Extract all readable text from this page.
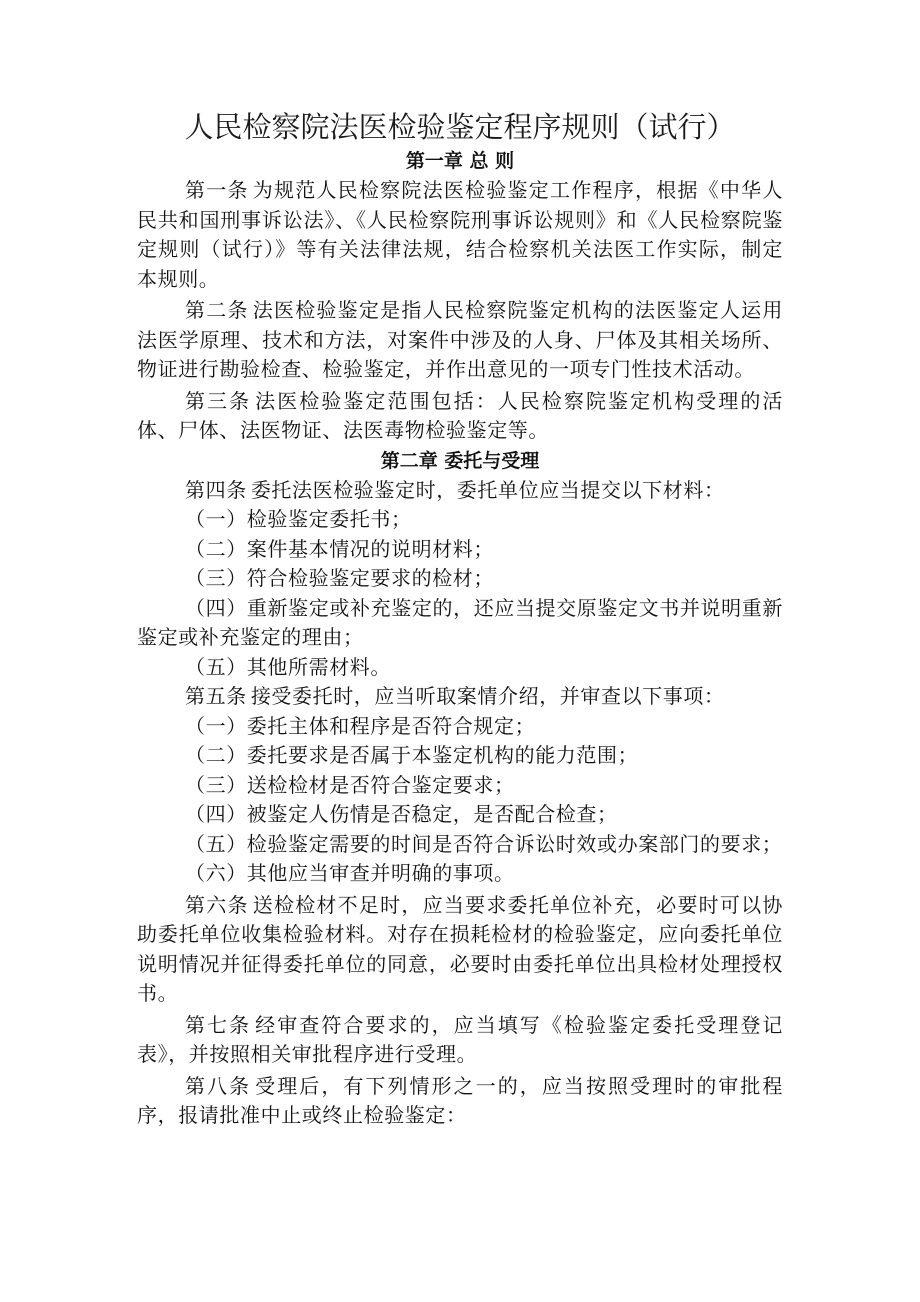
人民检察院法医检验鉴定程序规则（试行）
第一章 总 则

第一条 为规范人民检察院法医检验鉴定工作程序，根据《中华人民共和国刑事诉讼法》、《人民检察院刑事诉讼规则》和《人民检察院鉴定规则（试行）》等有关法律法规，结合检察机关法医工作实际，制定本规则。

第二条 法医检验鉴定是指人民检察院鉴定机构的法医鉴定人运用法医学原理、技术和方法，对案件中涉及的人身、尸体及其相关场所、物证进行勘验检查、检验鉴定，并作出意见的一项专门性技术活动。

第三条 法医检验鉴定范围包括：人民检察院鉴定机构受理的活体、尸体、法医物证、法医毒物检验鉴定等。

第二章 委托与受理

第四条 委托法医检验鉴定时，委托单位应当提交以下材料：

（一）检验鉴定委托书；

（二）案件基本情况的说明材料；

（三）符合检验鉴定要求的检材；

（四）重新鉴定或补充鉴定的，还应当提交原鉴定文书并说明重新鉴定或补充鉴定的理由；

（五）其他所需材料。

第五条 接受委托时，应当听取案情介绍，并审查以下事项：

（一）委托主体和程序是否符合规定；

（二）委托要求是否属于本鉴定机构的能力范围；

（三）送检检材是否符合鉴定要求；

（四）被鉴定人伤情是否稳定，是否配合检查；

（五）检验鉴定需要的时间是否符合诉讼时效或办案部门的要求；

（六）其他应当审查并明确的事项。

第六条 送检检材不足时，应当要求委托单位补充，必要时可以协助委托单位收集检验材料。对存在损耗检材的检验鉴定，应向委托单位说明情况并征得委托单位的同意，必要时由委托单位出具检材处理授权书。

第七条 经审查符合要求的，应当填写《检验鉴定委托受理登记表》，并按照相关审批程序进行受理。

第八条 受理后，有下列情形之一的，应当按照受理时的审批程序，报请批准中止或终止检验鉴定：
